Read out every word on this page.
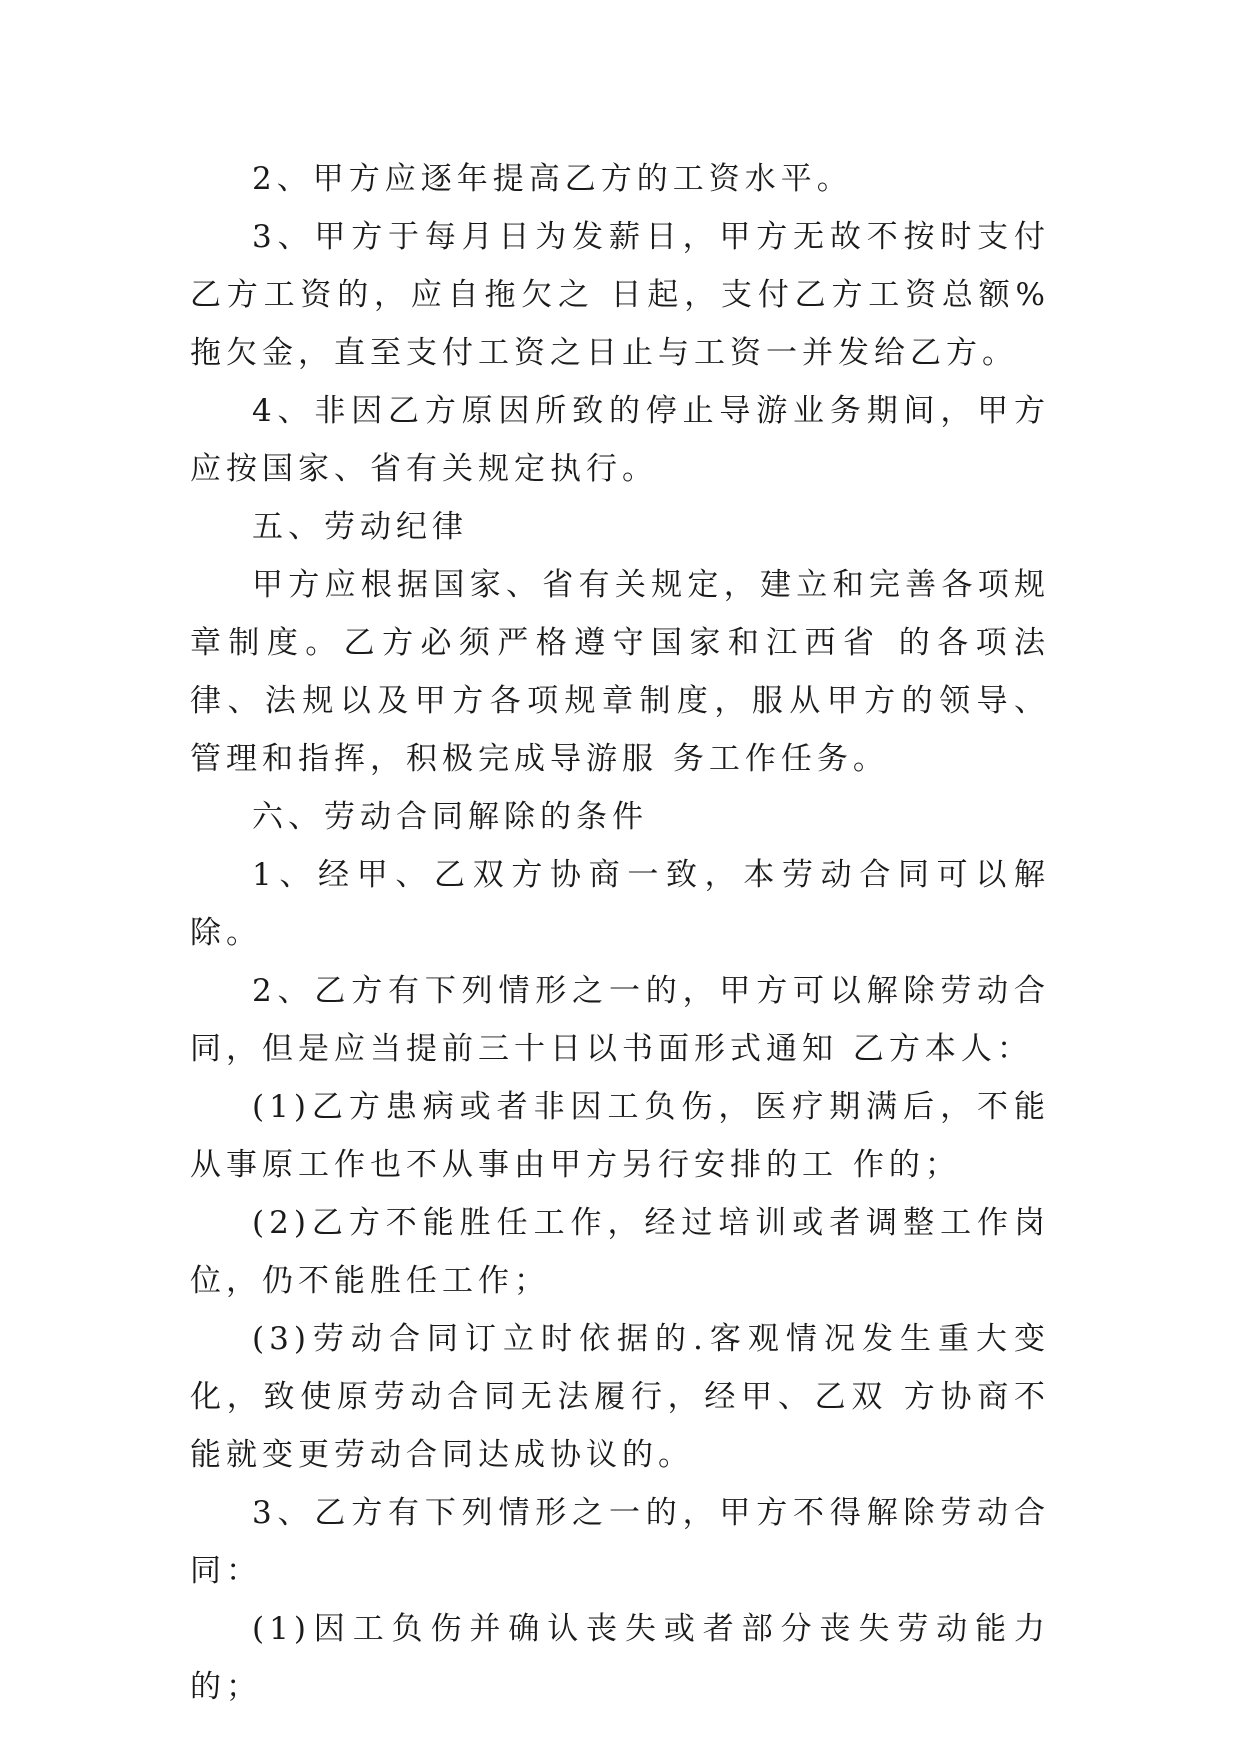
2、甲方应逐年提高乙方的工资水平。

3、甲方于每月日为发薪日，甲方无故不按时支付乙方工资的，应自拖欠之 日起，支付乙方工资总额%拖欠金，直至支付工资之日止与工资一并发给乙方。

4、非因乙方原因所致的停止导游业务期间，甲方应按国家、省有关规定执行。

五、劳动纪律

甲方应根据国家、省有关规定，建立和完善各项规章制度。乙方必须严格遵守国家和江西省 的各项法律、法规以及甲方各项规章制度，服从甲方的领导、管理和指挥，积极完成导游服 务工作任务。

六、劳动合同解除的条件

1、经甲、乙双方协商一致，本劳动合同可以解除。

2、乙方有下列情形之一的，甲方可以解除劳动合同，但是应当提前三十日以书面形式通知 乙方本人：

(1)乙方患病或者非因工负伤，医疗期满后，不能从事原工作也不从事由甲方另行安排的工 作的；

(2)乙方不能胜任工作，经过培训或者调整工作岗位，仍不能胜任工作；

(3)劳动合同订立时依据的.客观情况发生重大变化，致使原劳动合同无法履行，经甲、乙双 方协商不能就变更劳动合同达成协议的。

3、乙方有下列情形之一的，甲方不得解除劳动合同：

(1)因工负伤并确认丧失或者部分丧失劳动能力的；
